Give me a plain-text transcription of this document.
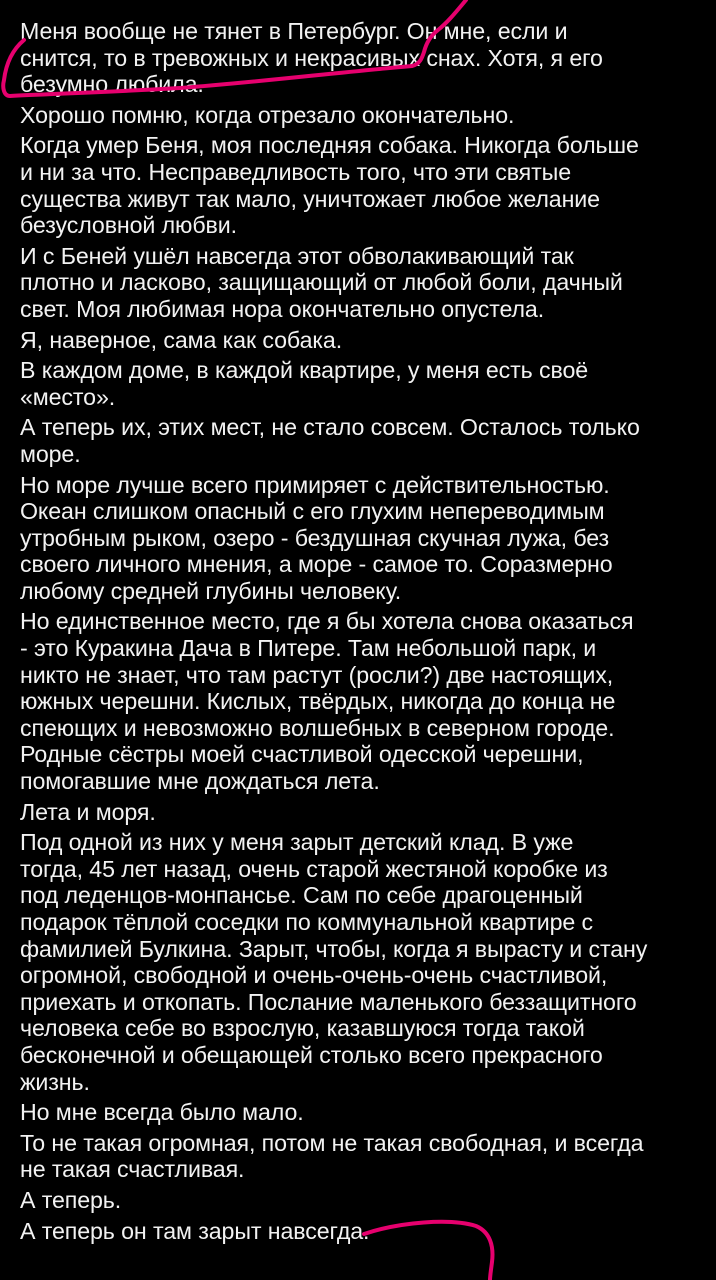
Меня вообще не тянет в Петербург. Он мне, если и
снится, то в тревожных и некрасивых снах. Хотя, я его
безумно любила.

Хорошо помню, когда отрезало окончательно.

Когда умер Беня, моя последняя собака. Никогда больше
и ни за что. Несправедливость того, что эти святые
существа живут так мало, уничтожает любое желание
безусловной любви.

И с Беней ушёл навсегда этот обволакивающий так
плотно и ласково, защищающий от любой боли, дачный
свет. Моя любимая нора окончательно опустела.

Я, наверное, сама как собака.

В каждом доме, в каждой квартире, у меня есть своё
«место».

А теперь их, этих мест, не стало совсем. Осталось только
море.

Но море лучше всего примиряет с действительностью.
Океан слишком опасный с его глухим непереводимым
утробным рыком, озеро - бездушная скучная лужа, без
своего личного мнения, а море - самое то. Соразмерно
любому средней глубины человеку.

Но единственное место, где я бы хотела снова оказаться
- это Куракина Дача в Питере. Там небольшой парк, и
никто не знает, что там растут (росли?) две настоящих,
южных черешни. Кислых, твёрдых, никогда до конца не
спеющих и невозможно волшебных в северном городе.
Родные сёстры моей счастливой одесской черешни,
помогавшие мне дождаться лета.

Лета и моря.

Под одной из них у меня зарыт детский клад. В уже
тогда, 45 лет назад, очень старой жестяной коробке из
под леденцов-монпансье. Сам по себе драгоценный
подарок тёплой соседки по коммунальной квартире с
фамилией Булкина. Зарыт, чтобы, когда я вырасту и стану
огромной, свободной и очень-очень-очень счастливой,
приехать и откопать. Послание маленького беззащитного
человека себе во взрослую, казавшуюся тогда такой
бесконечной и обещающей столько всего прекрасного
жизнь.

Но мне всегда было мало.

То не такая огромная, потом не такая свободная, и всегда
не такая счастливая.

А теперь.

А теперь он там зарыт навсегда.
